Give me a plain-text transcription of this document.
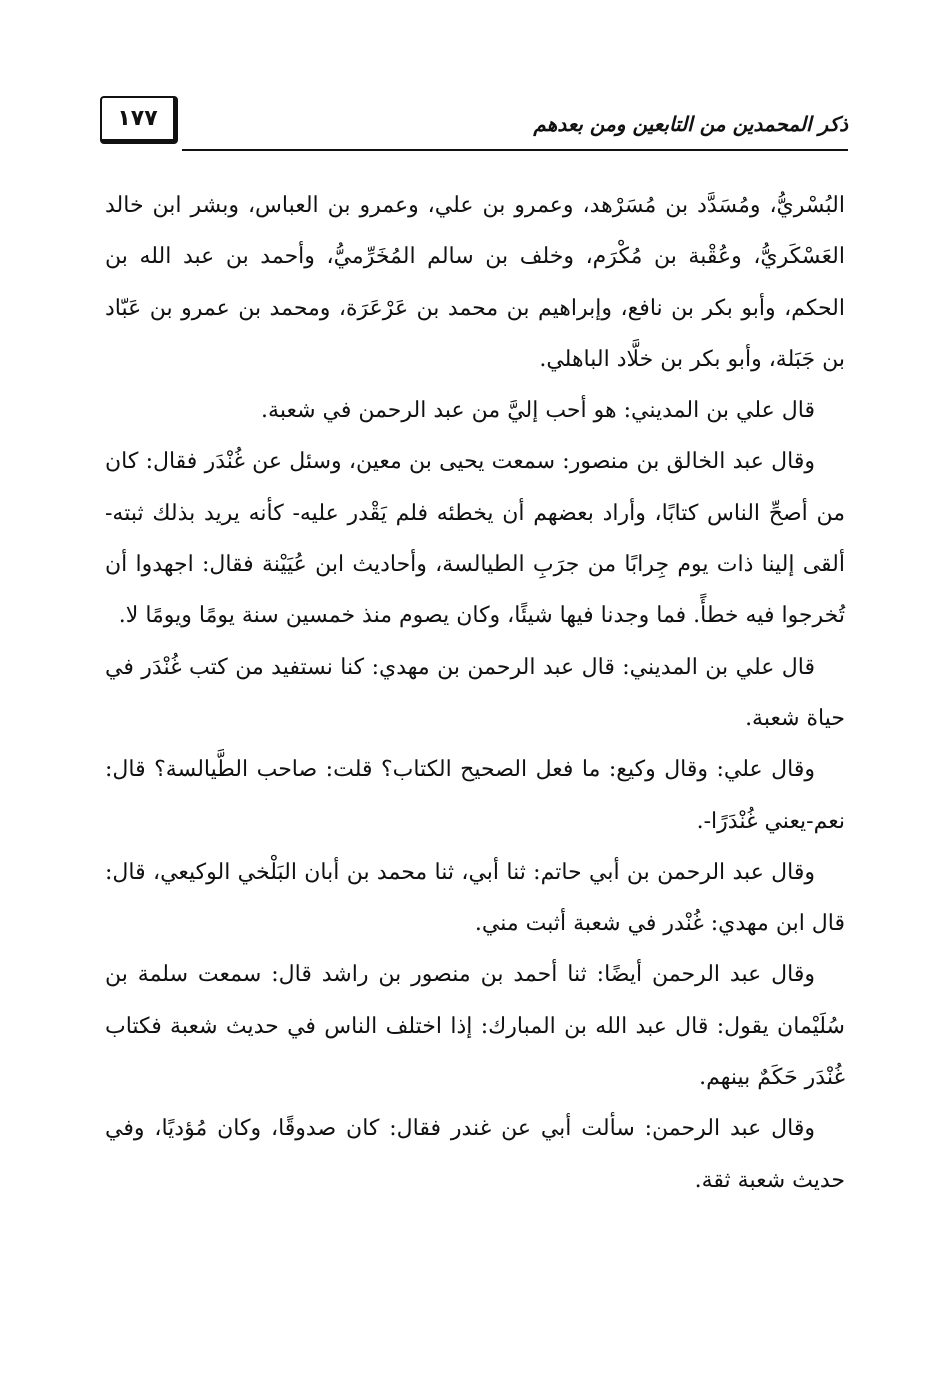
١٧٧	ذكر المحمدين من التابعين ومن بعدهم

البُسْريُّ، ومُسَدَّد بن مُسَرْهد، وعمرو بن علي، وعمرو بن العباس، وبشر ابن خالد العَسْكَريُّ، وعُقْبة بن مُكْرَم، وخلف بن سالم المُخَرِّميُّ، وأحمد بن عبد الله بن الحكم، وأبو بكر بن نافع، وإبراهيم بن محمد بن عَرْعَرَة، ومحمد بن عمرو بن عَبّاد بن جَبَلة، وأبو بكر بن خلَّاد الباهلي.

قال علي بن المديني: هو أحب إليَّ من عبد الرحمن في شعبة.

وقال عبد الخالق بن منصور: سمعت يحيى بن معين، وسئل عن غُنْدَر فقال: كان من أصحِّ الناس كتابًا، وأراد بعضهم أن يخطئه فلم يَقْدر عليه- كأنه يريد بذلك ثبته- ألقى إلينا ذات يوم جِرابًا من جرَبِ الطيالسة، وأحاديث ابن عُيَيْنة فقال: اجهدوا أن تُخرجوا فيه خطأً. فما وجدنا فيها شيئًا، وكان يصوم منذ خمسين سنة يومًا ويومًا لا.

قال علي بن المديني: قال عبد الرحمن بن مهدي: كنا نستفيد من كتب غُنْدَر في حياة شعبة.

وقال علي: وقال وكيع: ما فعل الصحيح الكتاب؟ قلت: صاحب الطَّيالسة؟ قال: نعم-يعني غُنْدَرًا-.

وقال عبد الرحمن بن أبي حاتم: ثنا أبي، ثنا محمد بن أبان البَلْخي الوكيعي، قال: قال ابن مهدي: غُنْدر في شعبة أثبت مني.

وقال عبد الرحمن أيضًا: ثنا أحمد بن منصور بن راشد قال: سمعت سلمة بن سُلَيْمان يقول: قال عبد الله بن المبارك: إذا اختلف الناس في حديث شعبة فكتاب غُنْدَر حَكَمٌ بينهم.

وقال عبد الرحمن: سألت أبي عن غندر فقال: كان صدوقًا، وكان مُؤديًا، وفي حديث شعبة ثقة.
